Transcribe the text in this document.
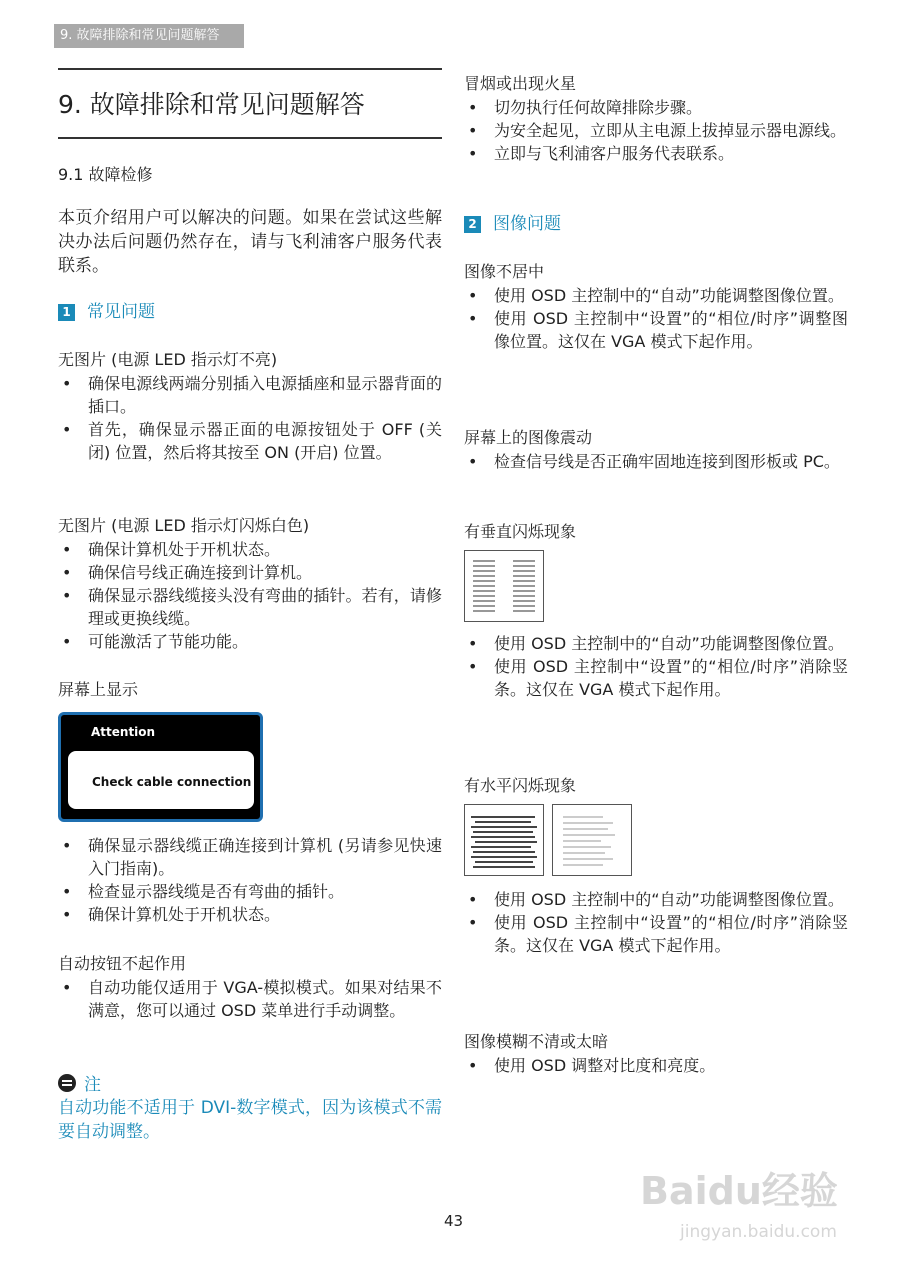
9. 故障排除和常见问题解答
9. 故障排除和常见问题解答
9.1 故障检修
本页介绍用户可以解决的问题。如果在尝试这些解决办法后问题仍然存在，请与飞利浦客户服务代表联系。
1 常见问题
无图片 (电源 LED 指示灯不亮)
• 确保电源线两端分别插入电源插座和显示器背面的插口。
• 首先，确保显示器正面的电源按钮处于 OFF (关闭) 位置，然后将其按至 ON (开启) 位置。
无图片 (电源 LED 指示灯闪烁白色)
• 确保计算机处于开机状态。
• 确保信号线正确连接到计算机。
• 确保显示器线缆接头没有弯曲的插针。若有，请修理或更换线缆。
• 可能激活了节能功能。
屏幕上显示
Attention
Check cable connection
• 确保显示器线缆正确连接到计算机 (另请参见快速入门指南)。
• 检查显示器线缆是否有弯曲的插针。
• 确保计算机处于开机状态。
自动按钮不起作用
• 自动功能仅适用于 VGA-模拟模式。如果对结果不满意，您可以通过 OSD 菜单进行手动调整。
注
自动功能不适用于 DVI-数字模式，因为该模式不需要自动调整。
冒烟或出现火星
• 切勿执行任何故障排除步骤。
• 为安全起见，立即从主电源上拔掉显示器电源线。
• 立即与飞利浦客户服务代表联系。
2 图像问题
图像不居中
• 使用 OSD 主控制中的“自动”功能调整图像位置。
• 使用 OSD 主控制中“设置”的“相位/时序”调整图像位置。这仅在 VGA 模式下起作用。
屏幕上的图像震动
• 检查信号线是否正确牢固地连接到图形板或 PC。
有垂直闪烁现象
• 使用 OSD 主控制中的“自动”功能调整图像位置。
• 使用 OSD 主控制中“设置”的“相位/时序”消除竖条。这仅在 VGA 模式下起作用。
有水平闪烁现象
• 使用 OSD 主控制中的“自动”功能调整图像位置。
• 使用 OSD 主控制中“设置”的“相位/时序”消除竖条。这仅在 VGA 模式下起作用。
图像模糊不清或太暗
• 使用 OSD 调整对比度和亮度。
43
Baidu经验
jingyan.baidu.com
